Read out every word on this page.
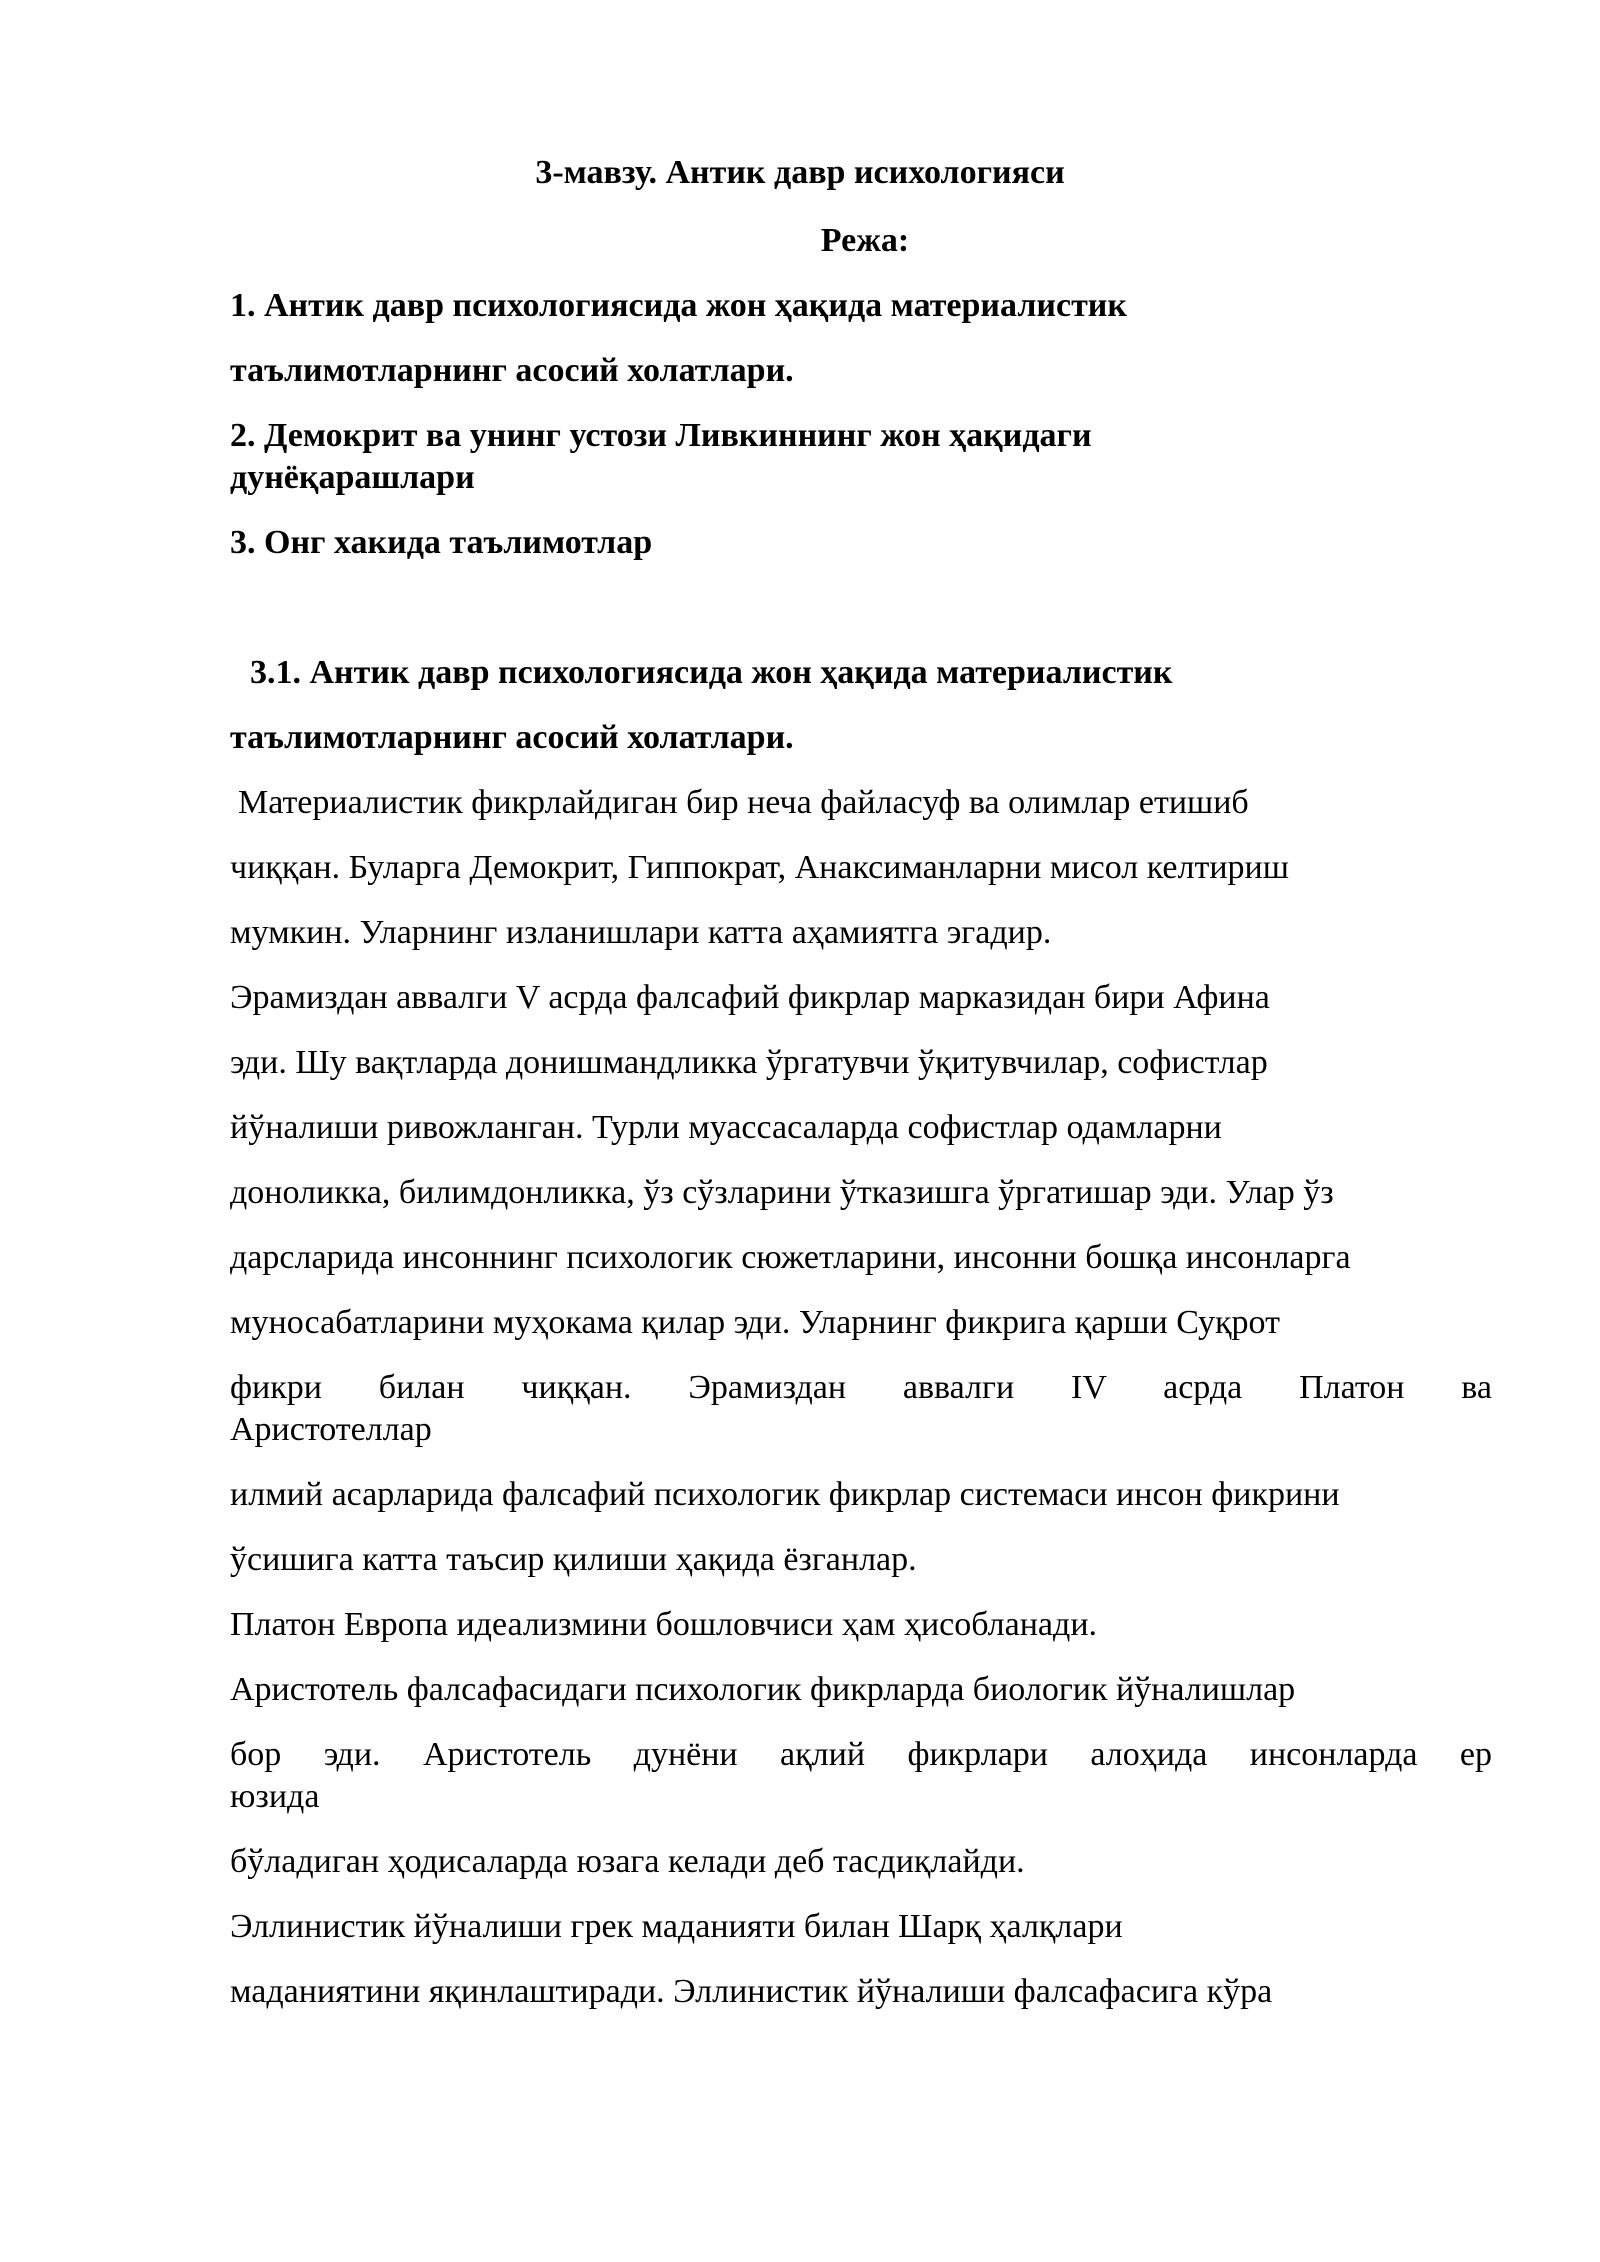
3-мавзу. Антик давр исихологияси
Режа:
1. Антик давр психологиясида жон ҳақида материалистик
таълимотларнинг асосий холатлари.
2. Демокрит ва унинг устози Ливкиннинг жон ҳақидаги
дунёқарашлари
3. Онг хакида таълимотлар
3.1. Антик давр психологиясида жон ҳақида материалистик
таълимотларнинг асосий холатлари.
Материалистик фикрлайдиган бир неча файласуф ва олимлар етишиб
чиққан. Буларга Демокрит, Гиппократ, Анаксиманларни мисол келтириш
мумкин. Уларнинг изланишлари катта аҳамиятга эгадир.
Эрамиздан аввалги V асрда фалсафий фикрлар марказидан бири Афина
эди. Шу вақтларда донишмандликка ўргатувчи ўқитувчилар, софистлар
йўналиши ривожланган. Турли муассасаларда софистлар одамларни
доноликка, билимдонликка, ўз сўзларини ўтказишга ўргатишар эди. Улар ўз
дарсларида инсоннинг психологик сюжетларини, инсонни бошқа инсонларга
муносабатларини муҳокама қилар эди. Уларнинг фикрига қарши Суқрот
фикри билан чиққан. Эрамиздан аввалги IV асрда Платон ва
Аристотеллар
илмий асарларида фалсафий психологик фикрлар системаси инсон фикрини
ўсишига катта таъсир қилиши ҳақида ёзганлар.
Платон Европа идеализмини бошловчиси ҳам ҳисобланади.
Аристотель фалсафасидаги психологик фикрларда биологик йўналишлар
бор эди. Аристотель дунёни ақлий фикрлари алоҳида инсонларда ер
юзида
бўладиган ҳодисаларда юзага келади деб тасдиқлайди.
Эллинистик йўналиши грек маданияти билан Шарқ ҳалқлари
маданиятини яқинлаштиради. Эллинистик йўналиши фалсафасига кўра
